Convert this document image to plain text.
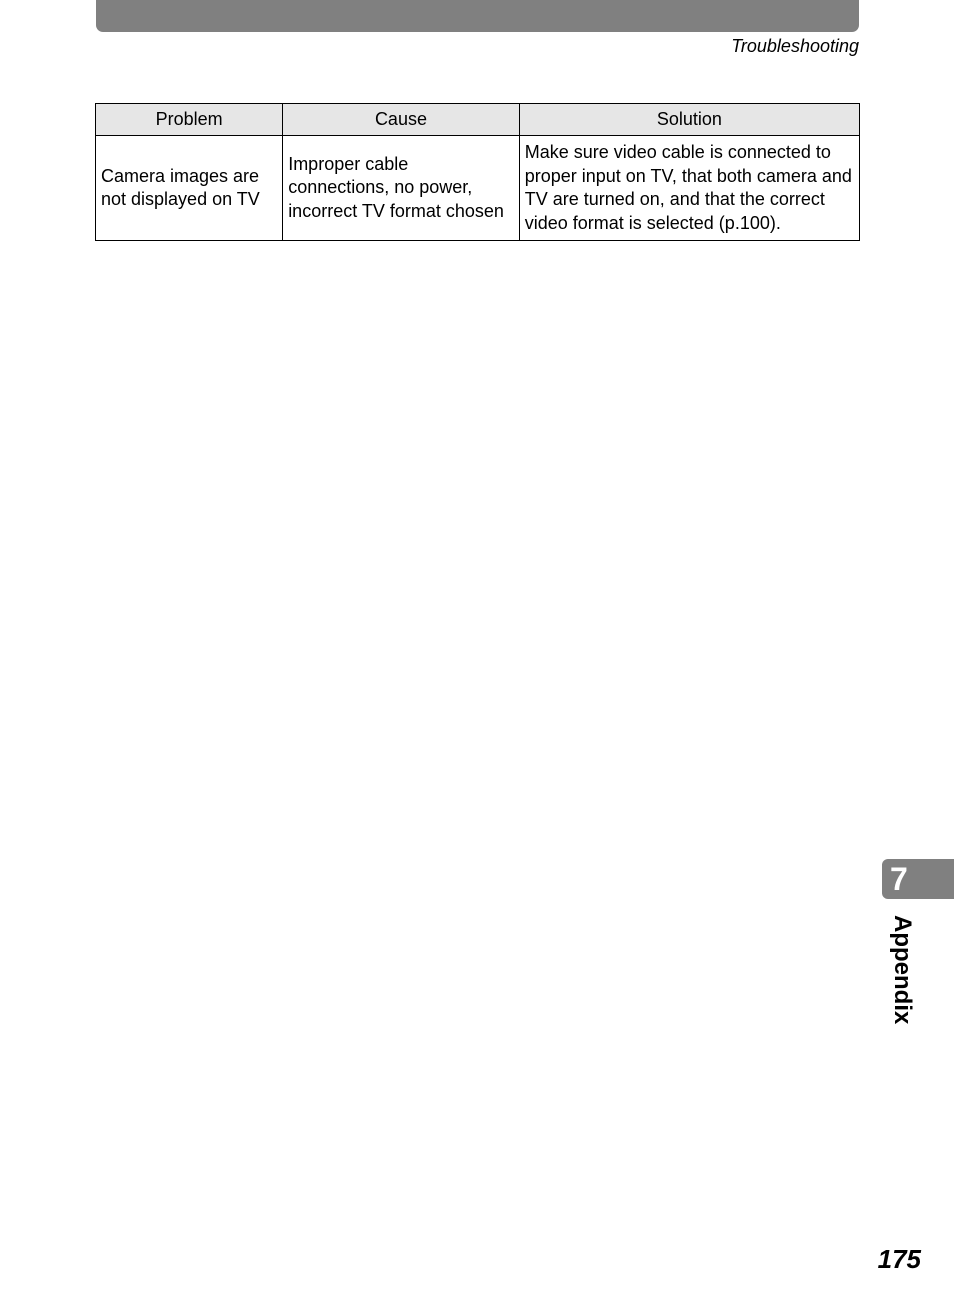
Troubleshooting
Problem	Cause	Solution
Camera images are not displayed on TV	Improper cable connections, no power, incorrect TV format chosen	Make sure video cable is connected to proper input on TV, that both camera and TV are turned on, and that the correct video format is selected (p.100).
7
Appendix
175
